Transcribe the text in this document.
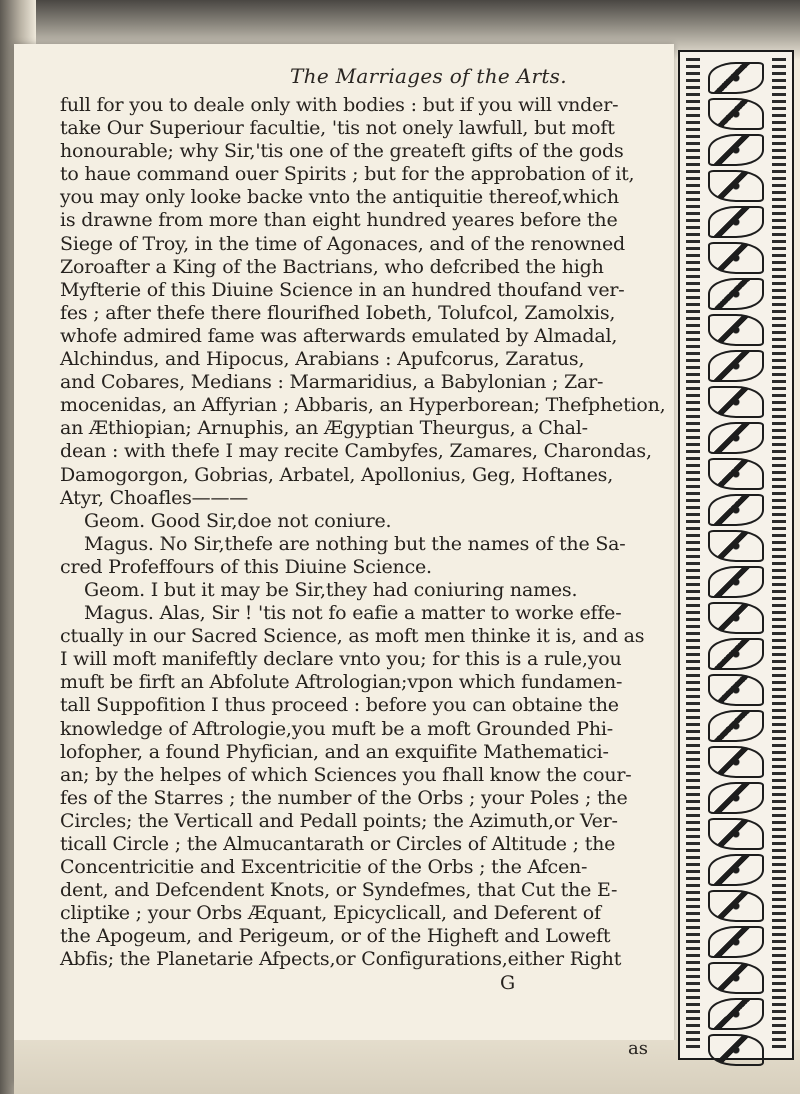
The Marriages of the Arts.
full for you to deale only with bodies : but if you will vnder-
take Our Superiour facultie, 'tis not onely lawfull, but moft
honourable; why Sir,'tis one of the greateft gifts of the gods
to haue command ouer Spirits ; but for the approbation of it,
you may only looke backe vnto the antiquitie thereof,which
is drawne from more than eight hundred yeares before the
Siege of Troy, in the time of Agonaces, and of the renowned
Zoroafter a King of the Bactrians, who defcribed the high
Myfterie of this Diuine Science in an hundred thoufand ver-
fes ; after thefe there flourifhed Iobeth, Tolufcol, Zamolxis,
whofe admired fame was afterwards emulated by Almadal,
Alchindus, and Hipocus, Arabians : Apufcorus, Zaratus,
and Cobares, Medians : Marmaridius, a Babylonian ; Zar-
mocenidas, an Affyrian ; Abbaris, an Hyperborean; Thefphetion,
an Æthiopian; Arnuphis, an Ægyptian Theurgus, a Chal-
dean : with thefe I may recite Cambyfes, Zamares, Charondas,
Damogorgon, Gobrias, Arbatel, Apollonius, Geg, Hoftanes,
Atyr, Choafles———
Geom. Good Sir,doe not coniure.
Magus. No Sir,thefe are nothing but the names of the Sa-
cred Profeffours of this Diuine Science.
Geom. I but it may be Sir,they had coniuring names.
Magus. Alas, Sir ! 'tis not fo eafie a matter to worke effe-
ctually in our Sacred Science, as moft men thinke it is, and as
I will moft manifeftly declare vnto you; for this is a rule,you
muft be firft an Abfolute Aftrologian;vpon which fundamen-
tall Suppofition I thus proceed : before you can obtaine the
knowledge of Aftrologie,you muft be a moft Grounded Phi-
lofopher, a found Phyfician, and an exquifite Mathematici-
an; by the helpes of which Sciences you fhall know the cour-
fes of the Starres ; the number of the Orbs ; your Poles ; the
Circles; the Verticall and Pedall points; the Azimuth,or Ver-
ticall Circle ; the Almucantarath or Circles of Altitude ; the
Concentricitie and Excentricitie of the Orbs ; the Afcen-
dent, and Defcendent Knots, or Syndefmes, that Cut the E-
cliptike ; your Orbs Æquant, Epicyclicall, and Deferent of
the Apogeum, and Perigeum, or of the Higheft and Loweft
Abfis; the Planetarie Afpects,or Configurations,either Right
G
as
